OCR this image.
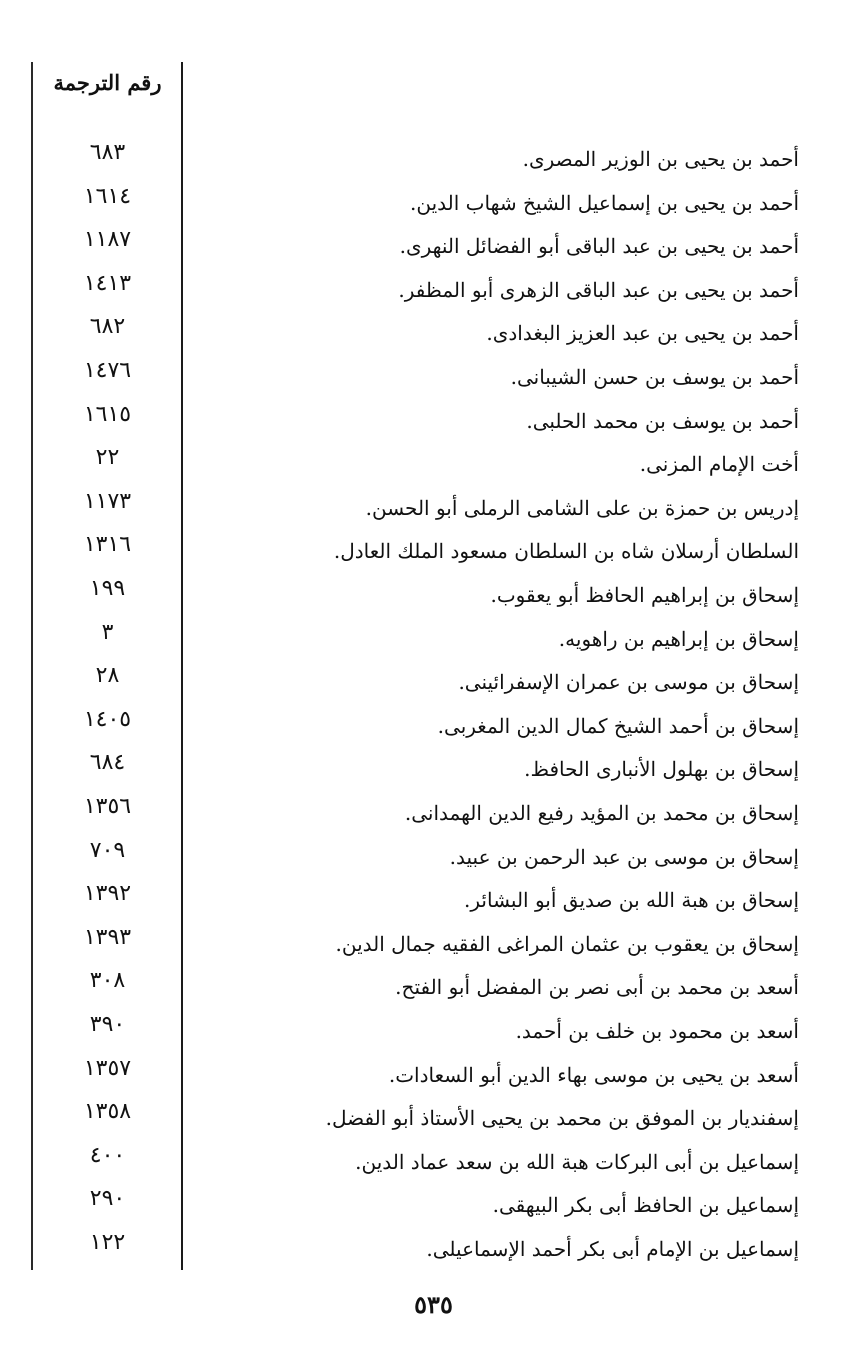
رقم الترجمة
٦٨٣	أحمد بن يحيى بن الوزير المصرى.
١٦١٤	أحمد بن يحيى بن إسماعيل الشيخ شهاب الدين.
١١٨٧	أحمد بن يحيى بن عبد الباقى أبو الفضائل النهرى.
١٤١٣	أحمد بن يحيى بن عبد الباقى الزهرى أبو المظفر.
٦٨٢	أحمد بن يحيى بن عبد العزيز البغدادى.
١٤٧٦	أحمد بن يوسف بن حسن الشيبانى.
١٦١٥	أحمد بن يوسف بن محمد الحلبى.
٢٢	أخت الإمام المزنى.
١١٧٣	إدريس بن حمزة بن على الشامى الرملى أبو الحسن.
١٣١٦	السلطان أرسلان شاه بن السلطان مسعود الملك العادل.
١٩٩	إسحاق بن إبراهيم الحافظ أبو يعقوب.
٣	إسحاق بن إبراهيم بن راهويه.
٢٨	إسحاق بن موسى بن عمران الإسفرائينى.
١٤٠٥	إسحاق بن أحمد الشيخ كمال الدين المغربى.
٦٨٤	إسحاق بن بهلول الأنبارى الحافظ.
١٣٥٦	إسحاق بن محمد بن المؤيد رفيع الدين الهمدانى.
٧٠٩	إسحاق بن موسى بن عبد الرحمن بن عبيد.
١٣٩٢	إسحاق بن هبة الله بن صديق أبو البشائر.
١٣٩٣	إسحاق بن يعقوب بن عثمان المراغى الفقيه جمال الدين.
٣٠٨	أسعد بن محمد بن أبى نصر بن المفضل أبو الفتح.
٣٩٠	أسعد بن محمود بن خلف بن أحمد.
١٣٥٧	أسعد بن يحيى بن موسى بهاء الدين أبو السعادات.
١٣٥٨	إسفنديار بن الموفق بن محمد بن يحيى الأستاذ أبو الفضل.
٤٠٠	إسماعيل بن أبى البركات هبة الله بن سعد عماد الدين.
٢٩٠	إسماعيل بن الحافظ أبى بكر البيهقى.
١٢٢	إسماعيل بن الإمام أبى بكر أحمد الإسماعيلى.
٥٣٥
